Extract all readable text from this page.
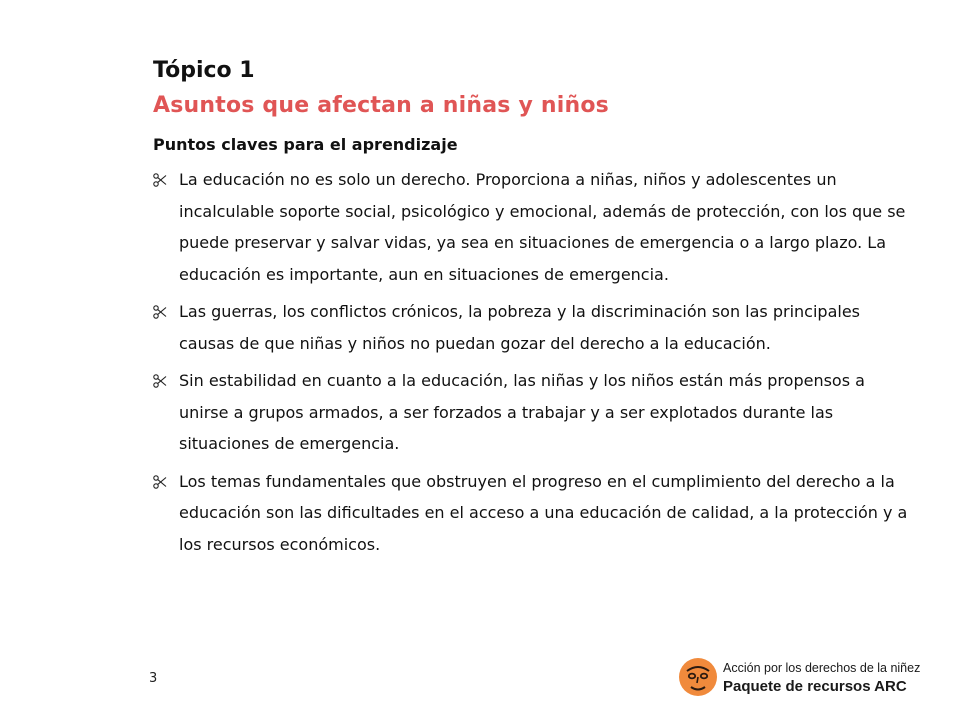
Tópico 1
Asuntos que afectan a niñas y niños
Puntos claves para el aprendizaje
La educación no es solo un derecho. Proporciona a niñas, niños y adolescentes un incalculable soporte social, psicológico y emocional, además de protección, con los que se puede preservar y salvar vidas, ya sea en situaciones de emergencia o a largo plazo. La educación es importante, aun en situaciones de emergencia.
Las guerras, los conflictos crónicos, la pobreza y la discriminación son las principales causas de que niñas y niños no puedan gozar del derecho a la educación.
Sin estabilidad en cuanto a la educación, las niñas y los niños están más propensos a unirse a grupos armados, a ser forzados a trabajar y a ser explotados durante las situaciones de emergencia.
Los temas fundamentales que obstruyen el progreso en el cumplimiento del derecho a la educación son las dificultades en el acceso a una educación de calidad, a la protección y a los recursos económicos.
3
Acción por los derechos de la niñez
Paquete de recursos ARC
